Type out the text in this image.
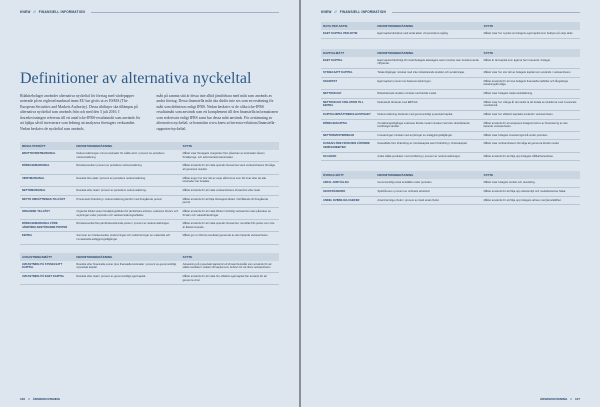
KNEW // FINANSIELL INFORMATION
Definitioner av alternativa nyckeltal

Bilaktiebolaget använder alternativa nyckeltal för företag med värdepapper noterade på en reglerad marknad inom EU har givits ut av ESMA (The European Securities and Markets Authority). Dessa riktlinjer ska tillämpas på alternativa nyckeltal som används från och med den 3 juli 2016. I årsredovisningen refereras till ett antal icke-IFRS-resultatmått som används för att hjälpa såväl investerare som ledning att analysera företagets verksamhet. Nedan beskrivs de nyckeltal som används.

mått på samma sätt är dessa inte alltid jämförbara med mått som används av andra företag. Dessa finansiella mått ska därför inte ses som en ersättning för mått som definieras enligt IFRS. Nedan beskrivs vi de olika icke-IFRS resultatmått som används som ett komplement till den finansiella informationen som redovisats enligt IFRS samt hur dessa mått används. För avstämning av alternativa nyckeltal, se hemsidan www.knew.se/investor-relations/finansiella-rapporter/nyckeltal.

RESULTATMÅTT	DEFINITION/BERÄKNING	SYFTE
BRUTTOVINSTMARGINAL	Nettoomsättningen minus kostnader för sålda varor i procent av periodens nettoomsättning.	Måttet visar företagets marginaler före påverkan av kostnader såsom försäljnings- och administrationskostnader.
RÖRELSEMARGINAL	Rörelseresultat i procent av periodens nettoomsättning.	Måttet används för att mäta operativ lönsamhet samt verksamhetens förmåga att generera resultat.
VINSTMARGINAL	Resultat före skatt i procent av periodens nettoomsättning.	Måttet anger hur stor del av varje såld krona som blir kvar efter att alla kostnader har betalats.
NETTOMARGINAL	Resultat efter skatt i procent av periodens nettoomsättning.	Måttet används för att mäta verksamhetens lönsamhet efter skatt.
NETTO OMSÄTTNINGS-TILLVÄXT	Procentuell förändring i nettoomsättning jämfört med föregående period.	Måttet används för att följa företagets tillväxt i förhållande till föregående period.
ORGANISK TILLVÄXT	Organisk tillväxt avser försäljningstillväxt för jämförbara enheter, exklusive förvärv och avyttringar under perioden och valutaomräkningseffekter.	Måttet används för att mäta tillväxt i befintlig verksamhet utan påverkan av förvärv och valutaförändringar.
RÖRELSEMARGINAL FÖRE JÄMFÖRELSESTÖRANDE POSTER	Rörelseresultat före jämförelsestörande poster i procent av nettoomsättningen.	Måttet används för att mäta operativ lönsamhet, renodlat från poster som inte är återkommande.
EBITDA	Summan av rörelseresultat, avskrivningar och nedskrivningar av materiella och immateriella anläggningstillgångar.	Måttet ger en bild av resultatet genererat av den löpande verksamheten.
AVKASTNINGSMÅTT	DEFINITION/BERÄKNING	SYFTE
AVKASTNING PÅ SYSSELSATT KAPITAL	Resultat efter finansiella poster plus finansiella kostnader i procent av genomsnittligt sysselsatt kapital.	Avkastning på sysselsatt kapital är ett lönsamhetsmått som används för att ställa resultatet i relation till kapital som behövs för att driva verksamheten.
AVKASTNING PÅ EGET KAPITAL	Resultat efter skatt i procent av genomsnittligt eget kapital.	Måttet används för att mäta hur effektivt eget kapital har använts för att generera vinst.
106 // ÅRSREDOVISNING
KNEW // FINANSIELL INFORMATION
DATA PER AKTIE	DEFINITION/BERÄKNING	SYFTE
EGET KAPITAL PER AKTIE	Eget kapital dividerat med antal aktier vid periodens utgång.	Måttet visar hur mycket av bolagets eget kapital som belöper på varje aktie.
KAPITALMÅTT	DEFINITION/BERÄKNING	SYFTE
EGET KAPITAL	Eget kapital hänförligt till moderbolagets aktieägare samt innehav utan bestämmande inflytande.	Måttet är det kapital som ägarna har investerat i bolaget.
SYSSELSATT KAPITAL	Totala tillgångar minskat med icke räntebärande skulder och avsättningar.	Måttet visar hur stor del av bolagets kapital som används i verksamheten.
SOLIDITET	Eget kapital i procent av balansomslutningen.	Måttet används för att visa bolagets finansiella stabilitet och långsiktiga betalningsförmåga.
NETTOSKULD	Räntebärande skulder minskat med likvida medel.	Måttet visar bolagets totala skuldsättning.
NETTOSKULD I RELATION TILL EBITDA	Nettoskuld dividerat med EBITDA.	Måttet visar hur många år det skulle ta att betala av skulderna med nuvarande resultatnivå.
KAPITALOMSÄTTNINGS-HASTIGHET	Nettoomsättning dividerat med genomsnittligt sysselsatt kapital.	Måttet visar hur effektivt kapitalet används i verksamheten.
RÖRELSEKAPITAL	Omsättningstillgångar exklusive likvida medel minskat med icke räntebärande kortfristiga skulder.	Måttet används för att analysera bolagets behov av finansiering av den löpande verksamheten.
NETTOINVESTERINGAR	Investeringar minskat med avyttringar av anläggningstillgångar.	Måttet visar bolagets investeringsnivå under perioden.
KASSAFLÖDE FRÅN DEN LÖPANDE VERKSAMHETEN	Kassaflöde före förändring av rörelsekapital samt förändring i rörelsekapital.	Måttet visar verksamhetens förmåga att generera likvida medel.
SCI-GRAD	Andel sålda produkter med certifiering i procent av nettoomsättningen.	Måttet används för att följa upp bolagets hållbarhetsarbete.
ÖVRIGA MÅTT	DEFINITION/BERÄKNING	SYFTE
ANTAL ANSTÄLLDA	Genomsnittligt antal anställda under perioden.	Måttet visar bolagets storlek och utveckling.
SJUKFRÅNVARO	Sjukfrånvaro i procent av ordinarie arbetstid.	Måttet används för att följa upp arbetsmiljö och medarbetarnas hälsa.
ANDEL KVINNLIGA CHEFER	Antal kvinnliga chefer i procent av totalt antal chefer.	Måttet används för att följa upp bolagets arbete med jämställdhet.
ÅRSREDOVISNING // 107
